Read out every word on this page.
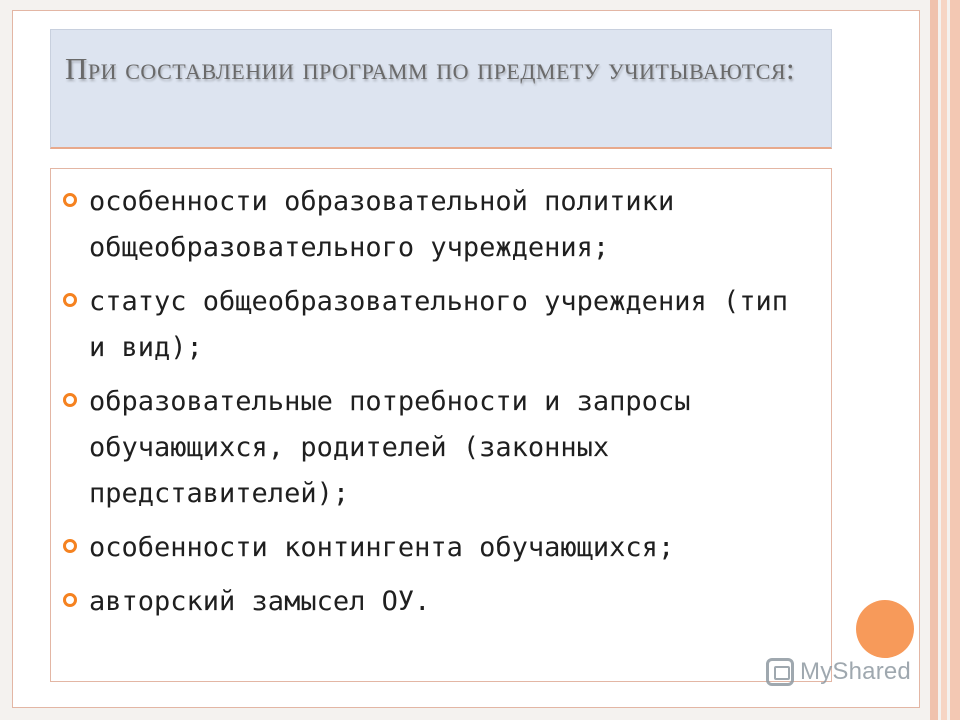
При составлении программ по предмету учитываются:
особенности образовательной политики общеобразовательного учреждения;
статус общеобразовательного учреждения (тип и вид);
образовательные потребности и запросы обучающихся, родителей (законных представителей);
особенности контингента обучающихся;
авторский замысел ОУ.
MyShared
